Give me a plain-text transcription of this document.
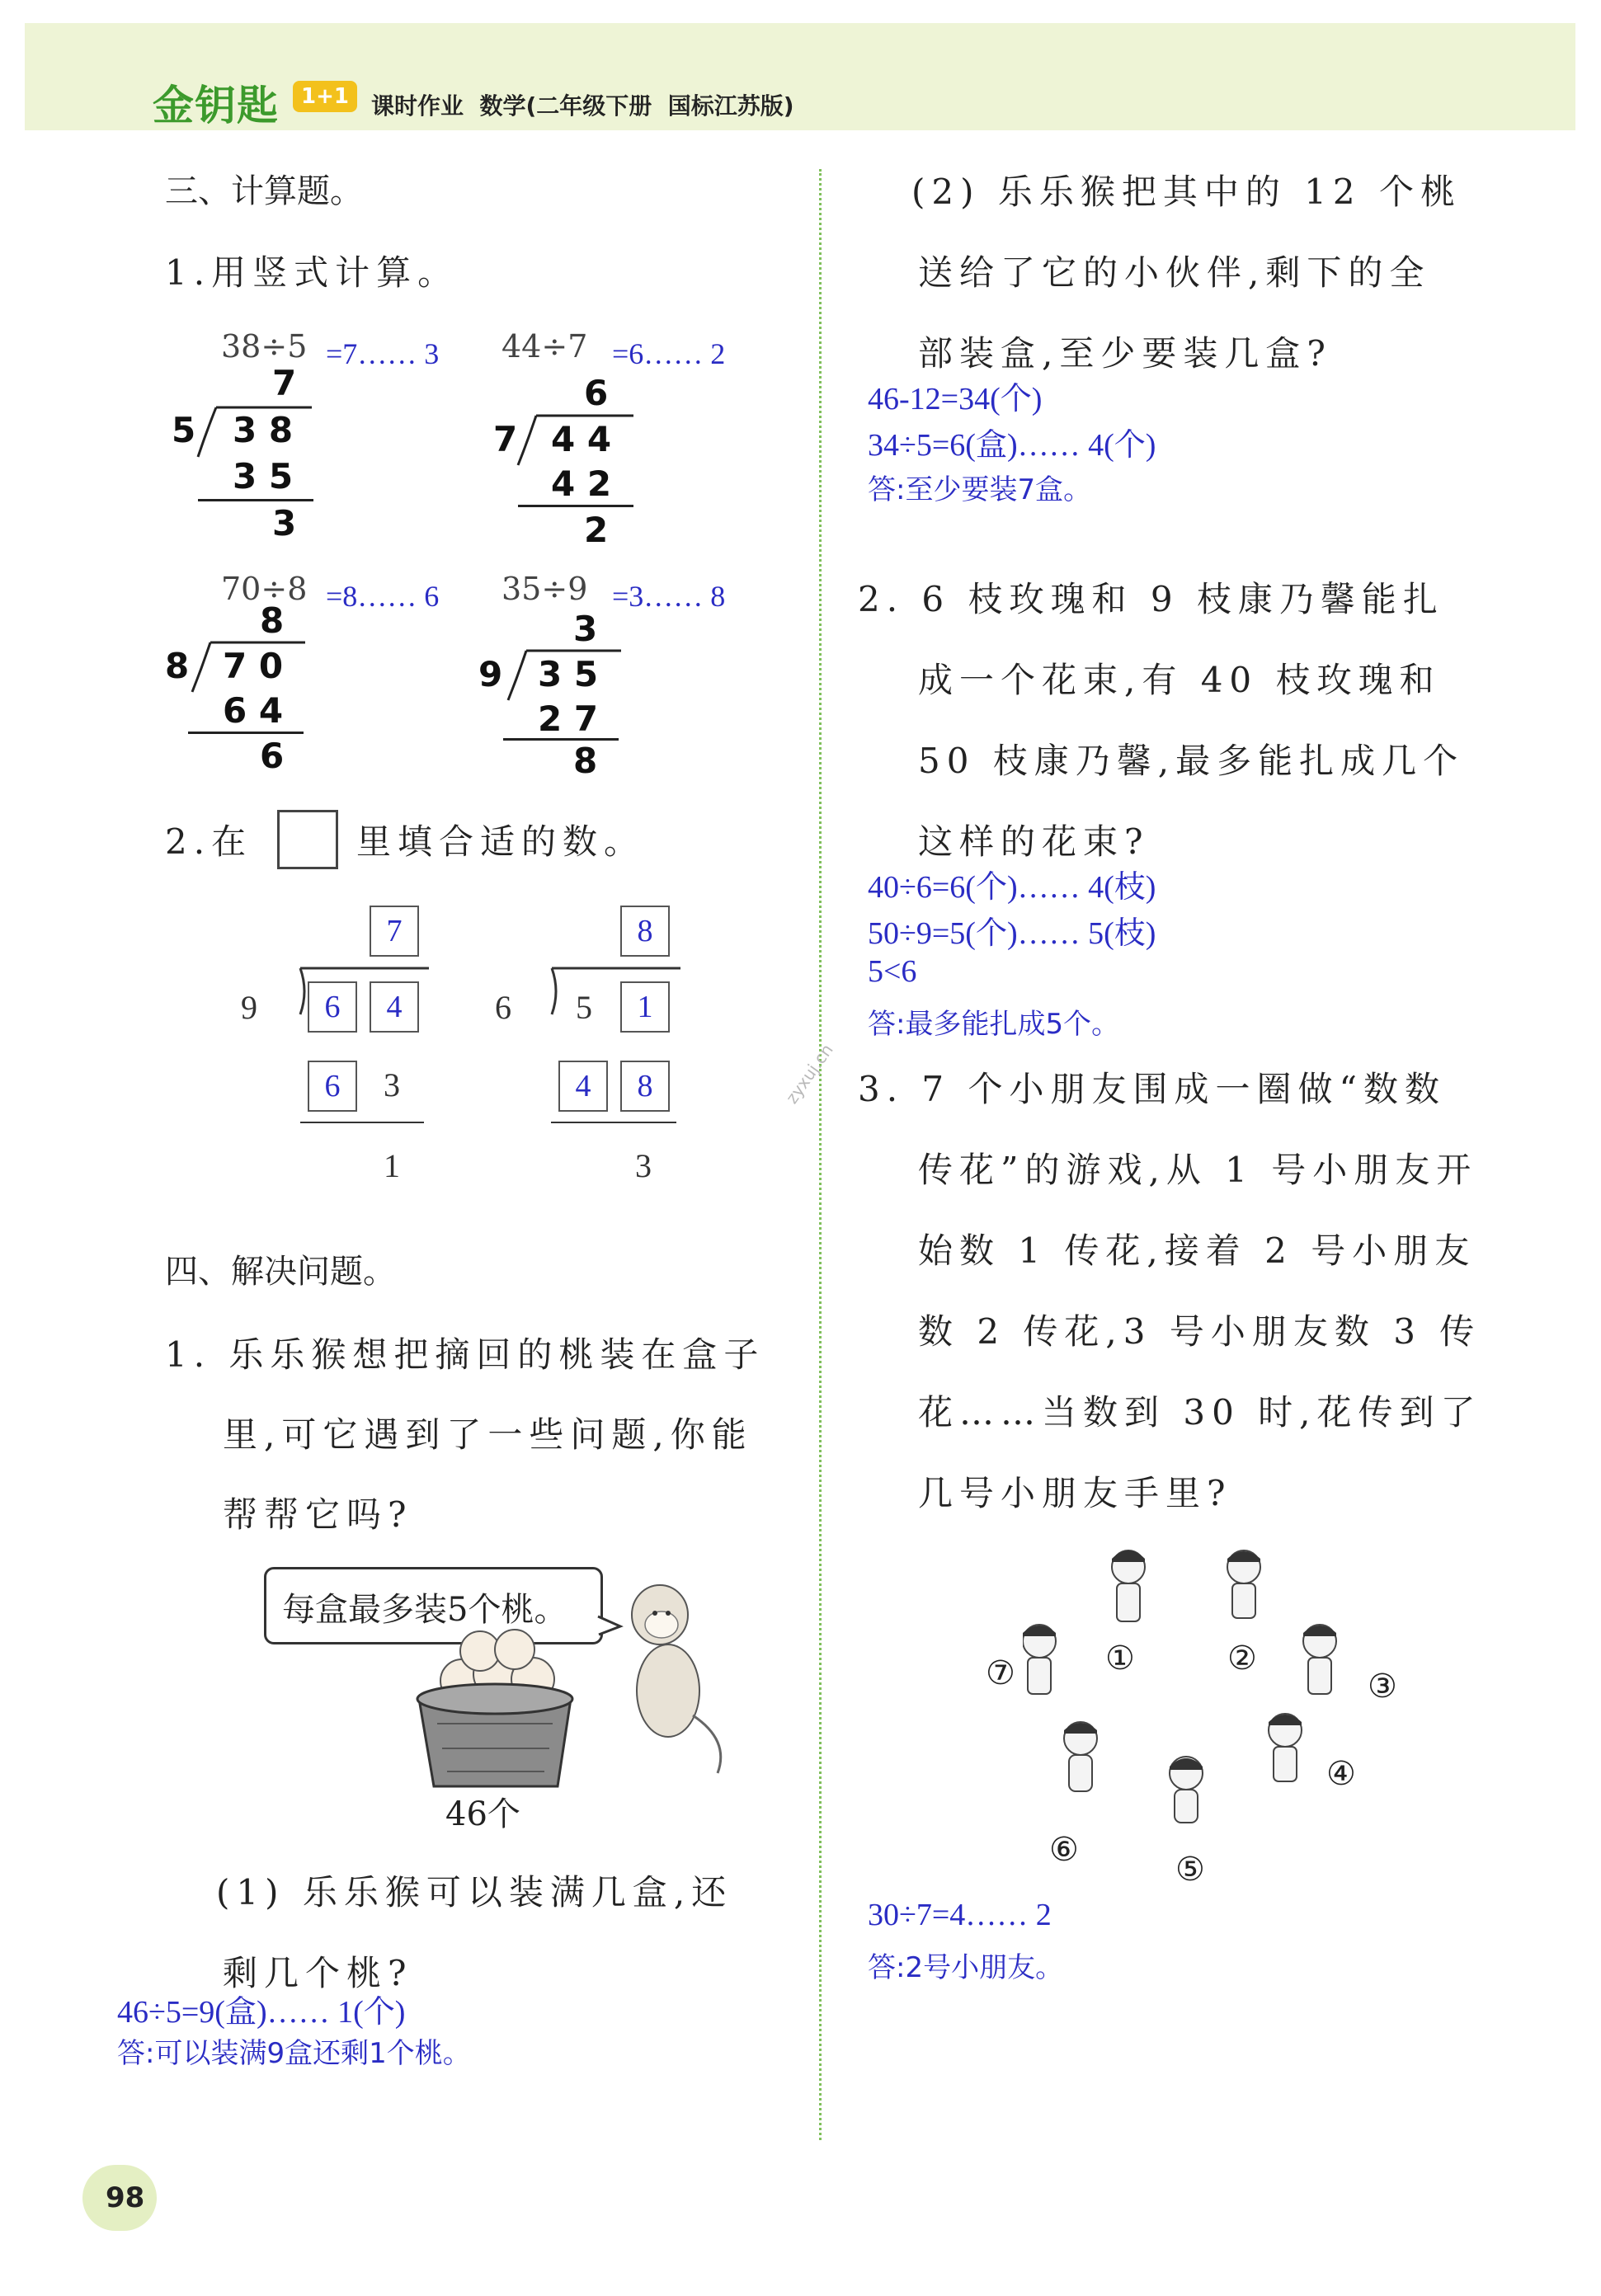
金钥匙	1+1 课时作业  数学(二年级下册  国标江苏版)
zyxuj.cn
三、计算题。
1.用竖式计算。
38÷5 =7…… 3
7
5 3 8
3 5
3
44÷7 =6…… 2
6
7 4 4
4 2
2
70÷8 =8…… 6
8
8 7 0
6 4
6
35÷9 =3…… 8
3
9 3 5
2 7
8
2.在	里填合适的数。
7
9	6	4
6	3
1
8
6 5	1
4	8
3
四、解决问题。
1. 乐乐猴想把摘回的桃装在盒子
里,可它遇到了一些问题,你能
帮帮它吗?
每盒最多装5个桃。
46个
(1) 乐乐猴可以装满几盒,还
剩几个桃?
46÷5=9(盒)…… 1(个)
答:可以装满9盒还剩1个桃。
98
(2) 乐乐猴把其中的 12 个桃
送给了它的小伙伴,剩下的全
部装盒,至少要装几盒?
46-12=34(个)
34÷5=6(盒)…… 4(个)
答:至少要装7盒。
2. 6 枝玫瑰和 9 枝康乃馨能扎
成一个花束,有 40 枝玫瑰和
50 枝康乃馨,最多能扎成几个
这样的花束?
40÷6=6(个)…… 4(枝)
50÷9=5(个)…… 5(枝)
5<6
答:最多能扎成5个。
3. 7 个小朋友围成一圈做“数数
传花”的游戏,从 1 号小朋友开
始数 1 传花,接着 2 号小朋友
数 2 传花,3 号小朋友数 3 传
花……当数到 30 时,花传到了
几号小朋友手里?
①	②
③
④
⑤
⑥
⑦
30÷7=4…… 2
答:2号小朋友。
